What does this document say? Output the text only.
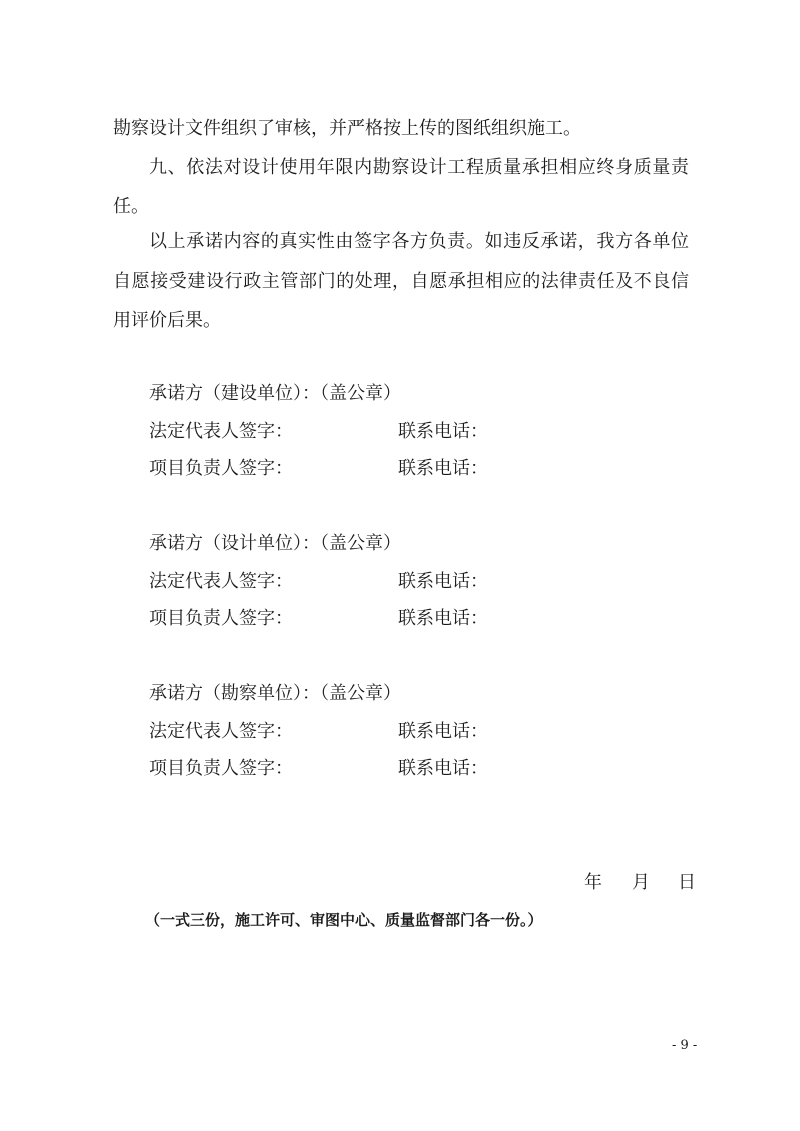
勘察设计文件组织了审核，并严格按上传的图纸组织施工。
九、依法对设计使用年限内勘察设计工程质量承担相应终身质量责
任。
以上承诺内容的真实性由签字各方负责。如违反承诺，我方各单位
自愿接受建设行政主管部门的处理，自愿承担相应的法律责任及不良信
用评价后果。
承诺方（建设单位）：（盖公章）
法定代表人签字：	联系电话：
项目负责人签字：	联系电话：
承诺方（设计单位）：（盖公章）
法定代表人签字：	联系电话：
项目负责人签字：	联系电话：
承诺方（勘察单位）：（盖公章）
法定代表人签字：	联系电话：
项目负责人签字：	联系电话：
年 月 日
（一式三份，施工许可、审图中心、质量监督部门各一份。）
- 9 -
